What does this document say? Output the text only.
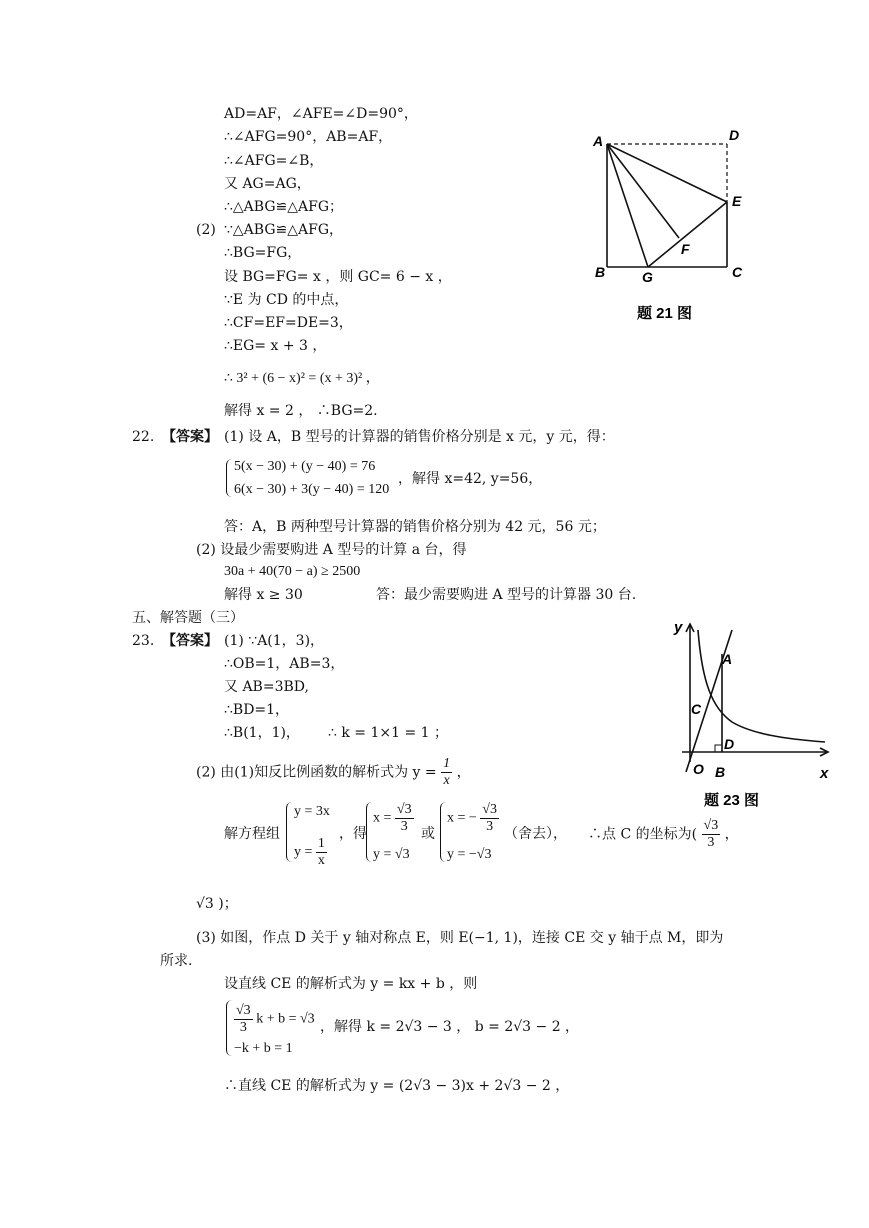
AD=AF，∠AFE=∠D=90°，
∴∠AFG=90°，AB=AF，
∴∠AFG=∠B，
又 AG=AG，
∴△ABG≌△AFG；
(2) ∵△ABG≌△AFG，
∴BG=FG，
设 BG=FG= x ，则 GC= 6 − x ，
∵E 为 CD 的中点，
∴CF=EF=DE=3，
∴EG= x + 3 ，
∴ 3² + (6 − x)² = (x + 3)² ，
解得 x = 2 ， ∴BG=2.
A	D
E
F
B	G	C
题 21 图
22. 【答案】 (1) 设 A，B 型号的计算器的销售价格分别是 x 元，y 元，得：
5(x − 30) + (y − 40) = 76
6(x − 30) + 3(y − 40) = 120
，解得 x=42, y=56，
答：A，B 两种型号计算器的销售价格分别为 42 元，56 元；
(2) 设最少需要购进 A 型号的计算 a 台，得
30a + 40(70 − a) ≥ 2500
解得 x ≥ 30	答：最少需要购进 A 型号的计算器 30 台.
五、解答题（三）
23. 【答案】 (1) ∵A(1，3)，
∴OB=1，AB=3，
又 AB=3BD,
∴BD=1，
∴B(1，1)， ∴ k = 1×1 = 1 ；
(2) 由(1)知反比例函数的解析式为 $y = \frac{1}{x}$ ，
解方程组
y = 3x
$y = \frac{1}{x}$
，得
$x = \frac{√3}{3}$
y = √3
或
x = − $\frac{√3}{3}$
y = −√3
（舍去）， ∴点 C 的坐标为( $\frac{√3}{3}$ ，
√3 )；
(3) 如图，作点 D 关于 y 轴对称点 E，则 E(−1, 1)，连接 CE 交 y 轴于点 M，即为
所求.
设直线 CE 的解析式为 y = kx + b ，则
$\frac{√3}{3}$ k + b = √3
−k + b = 1
，解得 k = 2√3 − 3 ， b = 2√3 − 2 ，
∴直线 CE 的解析式为 y = (2√3 − 3)x + 2√3 − 2 ，
y
x
A
C
D
O B
题 23 图
